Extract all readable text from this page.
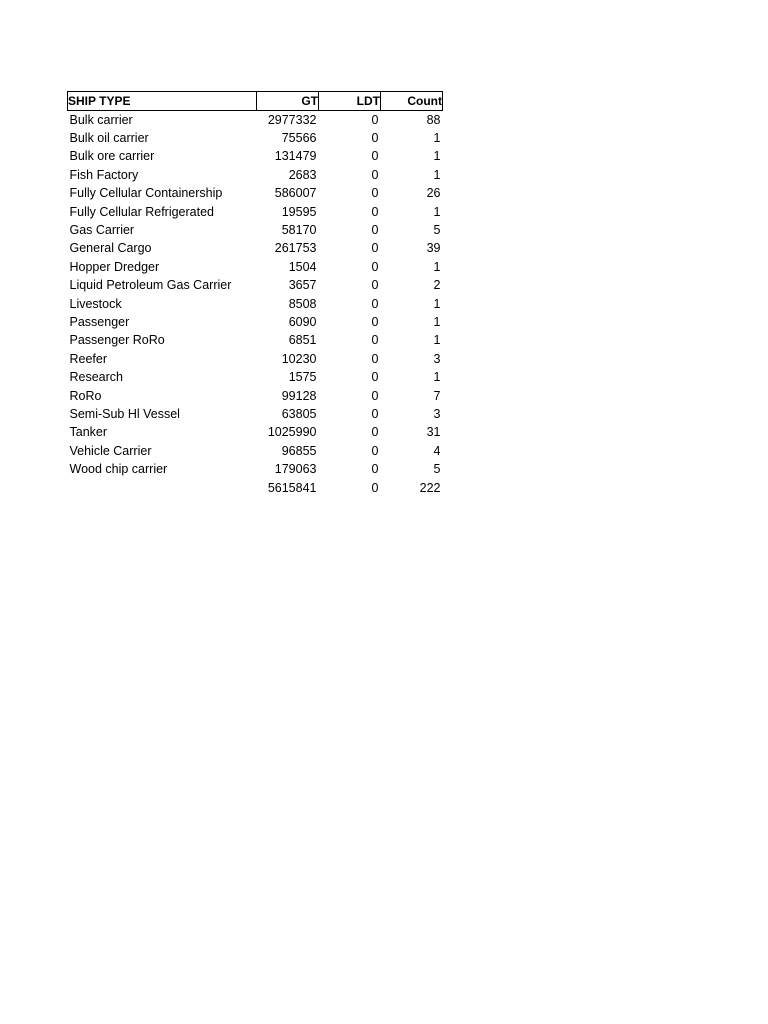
SHIP TYPE	GT	LDT	Count
Bulk carrier	2977332	0	88
Bulk oil carrier	75566	0	1
Bulk ore carrier	131479	0	1
Fish Factory	2683	0	1
Fully Cellular Containership	586007	0	26
Fully Cellular Refrigerated	19595	0	1
Gas Carrier	58170	0	5
General Cargo	261753	0	39
Hopper Dredger	1504	0	1
Liquid Petroleum Gas Carrier	3657	0	2
Livestock	8508	0	1
Passenger	6090	0	1
Passenger RoRo	6851	0	1
Reefer	10230	0	3
Research	1575	0	1
RoRo	99128	0	7
Semi-Sub Hl Vessel	63805	0	3
Tanker	1025990	0	31
Vehicle Carrier	96855	0	4
Wood chip carrier	179063	0	5
	5615841	0	222
